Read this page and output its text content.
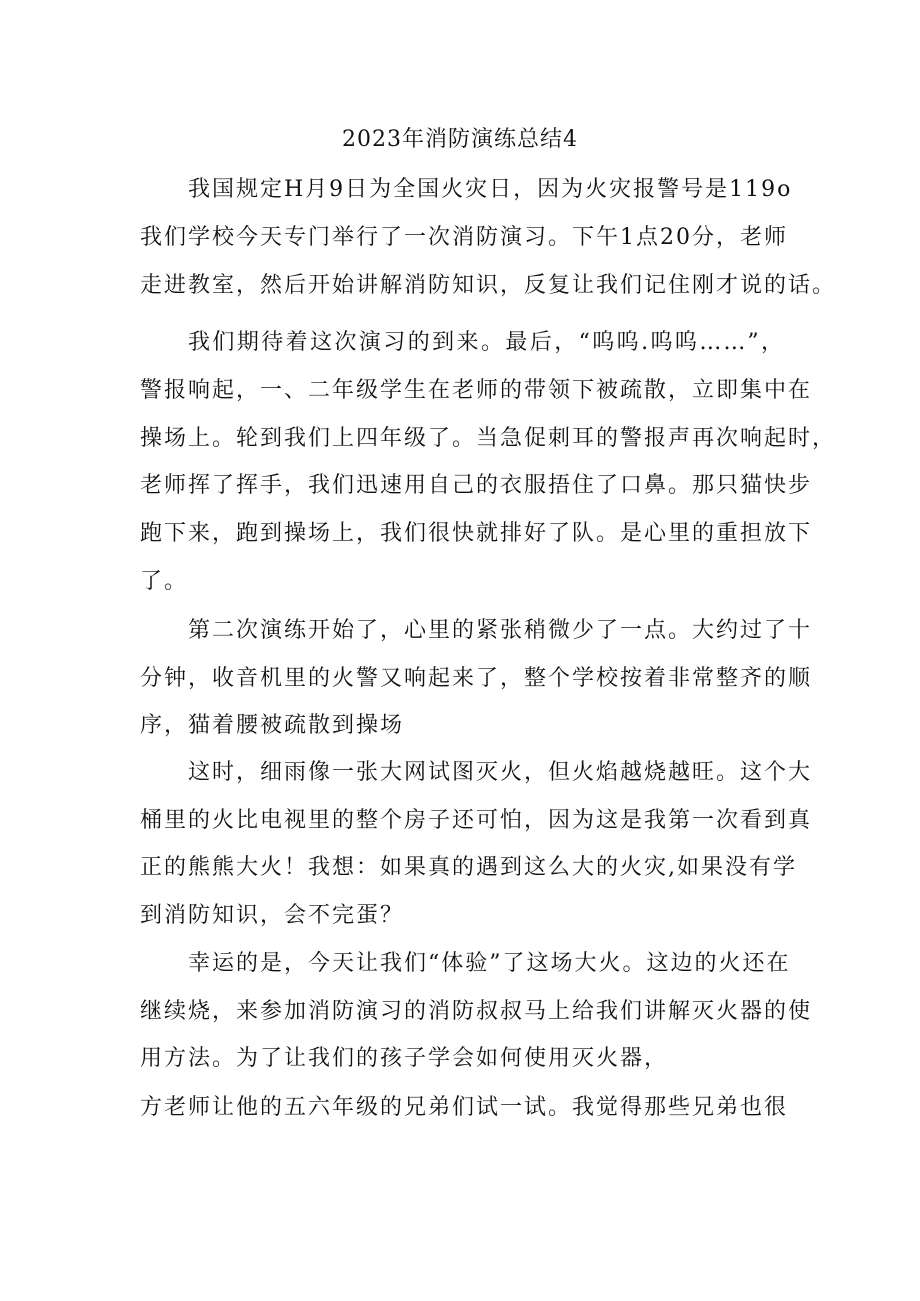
2023年消防演练总结4
我国规定H月9日为全国火灾日，因为火灾报警号是119o
我们学校今天专门举行了一次消防演习。下午1点20分，老师
走进教室，然后开始讲解消防知识，反复让我们记住刚才说的话。
我们期待着这次演习的到来。最后，“呜呜.呜呜……”，
警报响起，一、二年级学生在老师的带领下被疏散，立即集中在
操场上。轮到我们上四年级了。当急促刺耳的警报声再次响起时，
老师挥了挥手，我们迅速用自己的衣服捂住了口鼻。那只猫快步
跑下来，跑到操场上，我们很快就排好了队。是心里的重担放下
了。
第二次演练开始了，心里的紧张稍微少了一点。大约过了十
分钟，收音机里的火警又响起来了，整个学校按着非常整齐的顺
序，猫着腰被疏散到操场
这时，细雨像一张大网试图灭火，但火焰越烧越旺。这个大
桶里的火比电视里的整个房子还可怕，因为这是我第一次看到真
正的熊熊大火！我想：如果真的遇到这么大的火灾,如果没有学
到消防知识，会不完蛋？
幸运的是，今天让我们“体验”了这场大火。这边的火还在
继续烧，来参加消防演习的消防叔叔马上给我们讲解灭火器的使
用方法。为了让我们的孩子学会如何使用灭火器，
方老师让他的五六年级的兄弟们试一试。我觉得那些兄弟也很
